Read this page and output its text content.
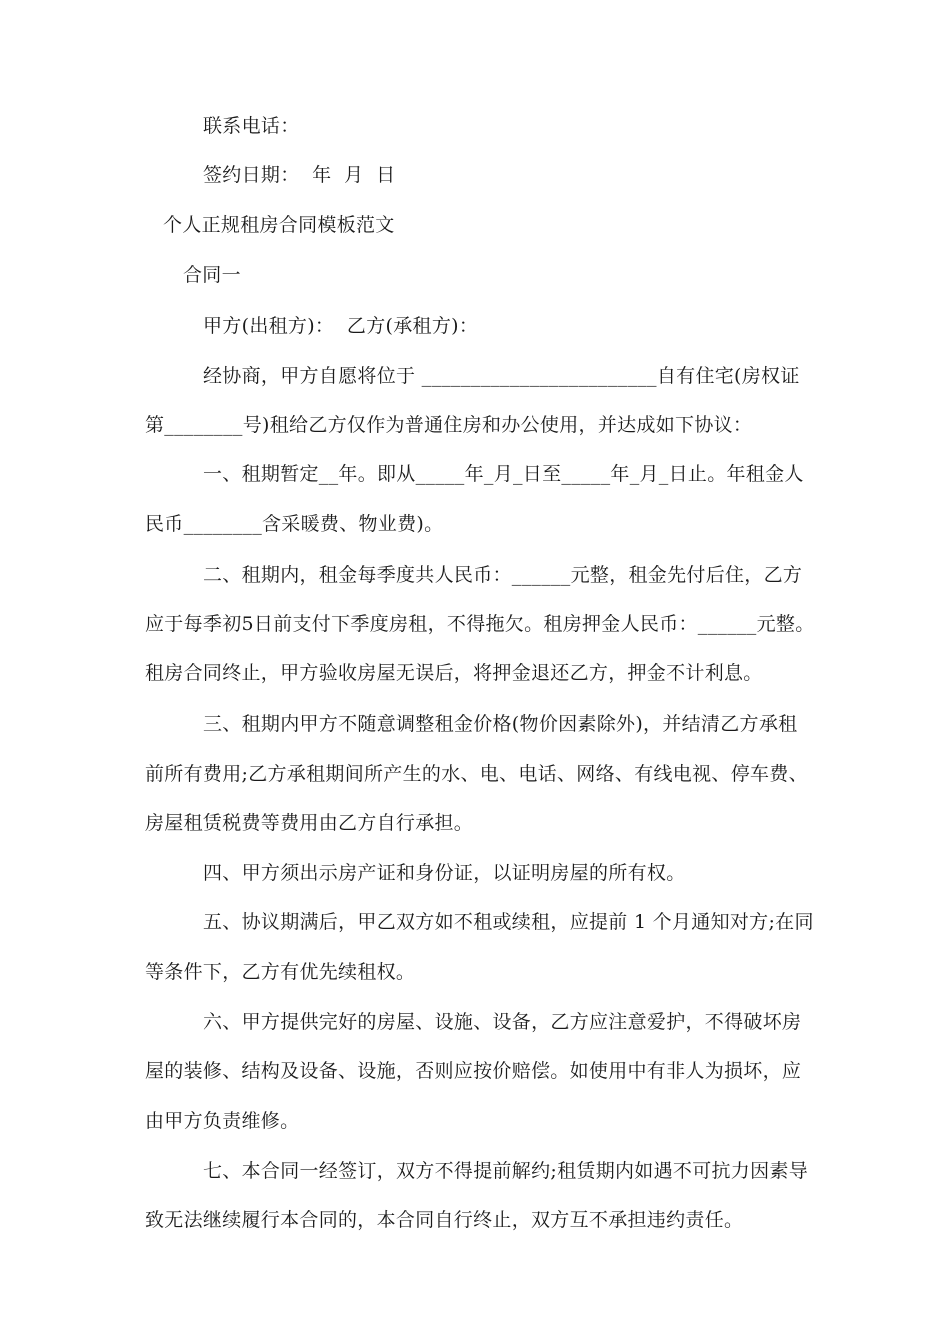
联系电话：
签约日期：  年  月  日
个人正规租房合同模板范文
合同一
甲方(出租方)：  乙方(承租方)：
经协商，甲方自愿将位于 ________________________自有住宅(房权证
第________号)租给乙方仅作为普通住房和办公使用，并达成如下协议：
一、租期暂定__年。即从_____年_月_日至_____年_月_日止。年租金人
民币________含采暖费、物业费)。
二、租期内，租金每季度共人民币：______元整，租金先付后住，乙方
应于每季初5日前支付下季度房租，不得拖欠。租房押金人民币：______元整。
租房合同终止，甲方验收房屋无误后，将押金退还乙方，押金不计利息。
三、租期内甲方不随意调整租金价格(物价因素除外)，并结清乙方承租
前所有费用;乙方承租期间所产生的水、电、电话、网络、有线电视、停车费、
房屋租赁税费等费用由乙方自行承担。
四、甲方须出示房产证和身份证，以证明房屋的所有权。
五、协议期满后，甲乙双方如不租或续租，应提前 1 个月通知对方;在同
等条件下，乙方有优先续租权。
六、甲方提供完好的房屋、设施、设备，乙方应注意爱护，不得破坏房
屋的装修、结构及设备、设施，否则应按价赔偿。如使用中有非人为损坏，应
由甲方负责维修。
七、本合同一经签订，双方不得提前解约;租赁期内如遇不可抗力因素导
致无法继续履行本合同的，本合同自行终止，双方互不承担违约责任。
